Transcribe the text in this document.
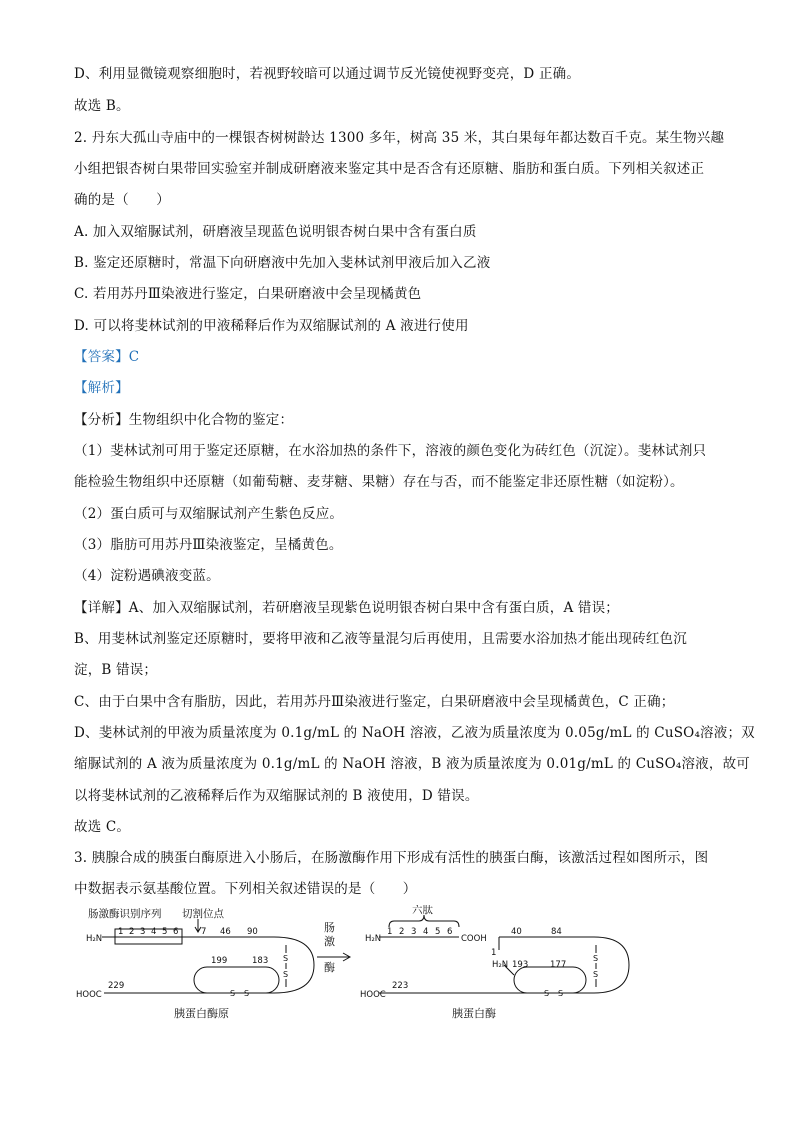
D、利用显微镜观察细胞时，若视野较暗可以通过调节反光镜使视野变亮，D 正确。
故选 B。
2. 丹东大孤山寺庙中的一棵银杏树树龄达 1300 多年，树高 35 米，其白果每年都达数百千克。某生物兴趣
小组把银杏树白果带回实验室并制成研磨液来鉴定其中是否含有还原糖、脂肪和蛋白质。下列相关叙述正
确的是（　　）
A. 加入双缩脲试剂，研磨液呈现蓝色说明银杏树白果中含有蛋白质
B. 鉴定还原糖时，常温下向研磨液中先加入斐林试剂甲液后加入乙液
C. 若用苏丹Ⅲ染液进行鉴定，白果研磨液中会呈现橘黄色
D. 可以将斐林试剂的甲液稀释后作为双缩脲试剂的 A 液进行使用
【答案】C
【解析】
【分析】生物组织中化合物的鉴定：
（1）斐林试剂可用于鉴定还原糖，在水浴加热的条件下，溶液的颜色变化为砖红色（沉淀）。斐林试剂只
能检验生物组织中还原糖（如葡萄糖、麦芽糖、果糖）存在与否，而不能鉴定非还原性糖（如淀粉）。
（2）蛋白质可与双缩脲试剂产生紫色反应。
（3）脂肪可用苏丹Ⅲ染液鉴定，呈橘黄色。
（4）淀粉遇碘液变蓝。
【详解】A、加入双缩脲试剂，若研磨液呈现紫色说明银杏树白果中含有蛋白质，A 错误；
B、用斐林试剂鉴定还原糖时，要将甲液和乙液等量混匀后再使用，且需要水浴加热才能出现砖红色沉
淀，B 错误；
C、由于白果中含有脂肪，因此，若用苏丹Ⅲ染液进行鉴定，白果研磨液中会呈现橘黄色，C 正确；
D、斐林试剂的甲液为质量浓度为 0.1g/mL 的 NaOH 溶液，乙液为质量浓度为 0.05g/mL 的 CuSO₄溶液；双
缩脲试剂的 A 液为质量浓度为 0.1g/mL 的 NaOH 溶液，B 液为质量浓度为 0.01g/mL 的 CuSO₄溶液，故可
以将斐林试剂的乙液稀释后作为双缩脲试剂的 B 液使用，D 错误。
故选 C。
3. 胰腺合成的胰蛋白酶原进入小肠后，在肠激酶作用下形成有活性的胰蛋白酶，该激活过程如图所示，图
中数据表示氨基酸位置。下列相关叙述错误的是（　　）
肠激酶识别序列 切割位点
H₂N
1 2 3 4 5 6	7 46 90
199	183 S
S
S S
HOOC
229
胰蛋白酶原
肠
激
酶
六肽
H₂N
1 2 3 4 5 6
COOH
40	84
1
H₂N 193	177
S
S
S S
HOOC
223
胰蛋白酶
